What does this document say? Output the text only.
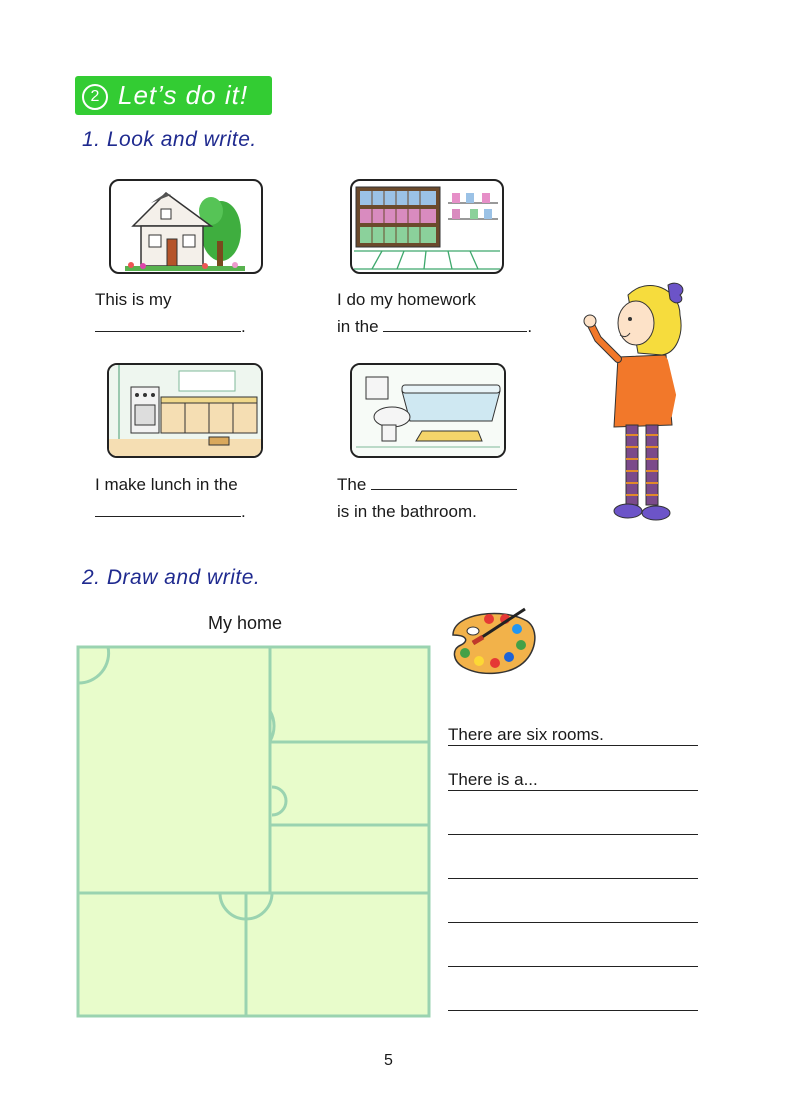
2 Let’s do it!
1. Look and write.
This is my
.
I do my homework
in the	.
I make lunch in the
.
The
is in the bathroom.
2. Draw and write.
My home
There are six rooms.
There is a...
5
